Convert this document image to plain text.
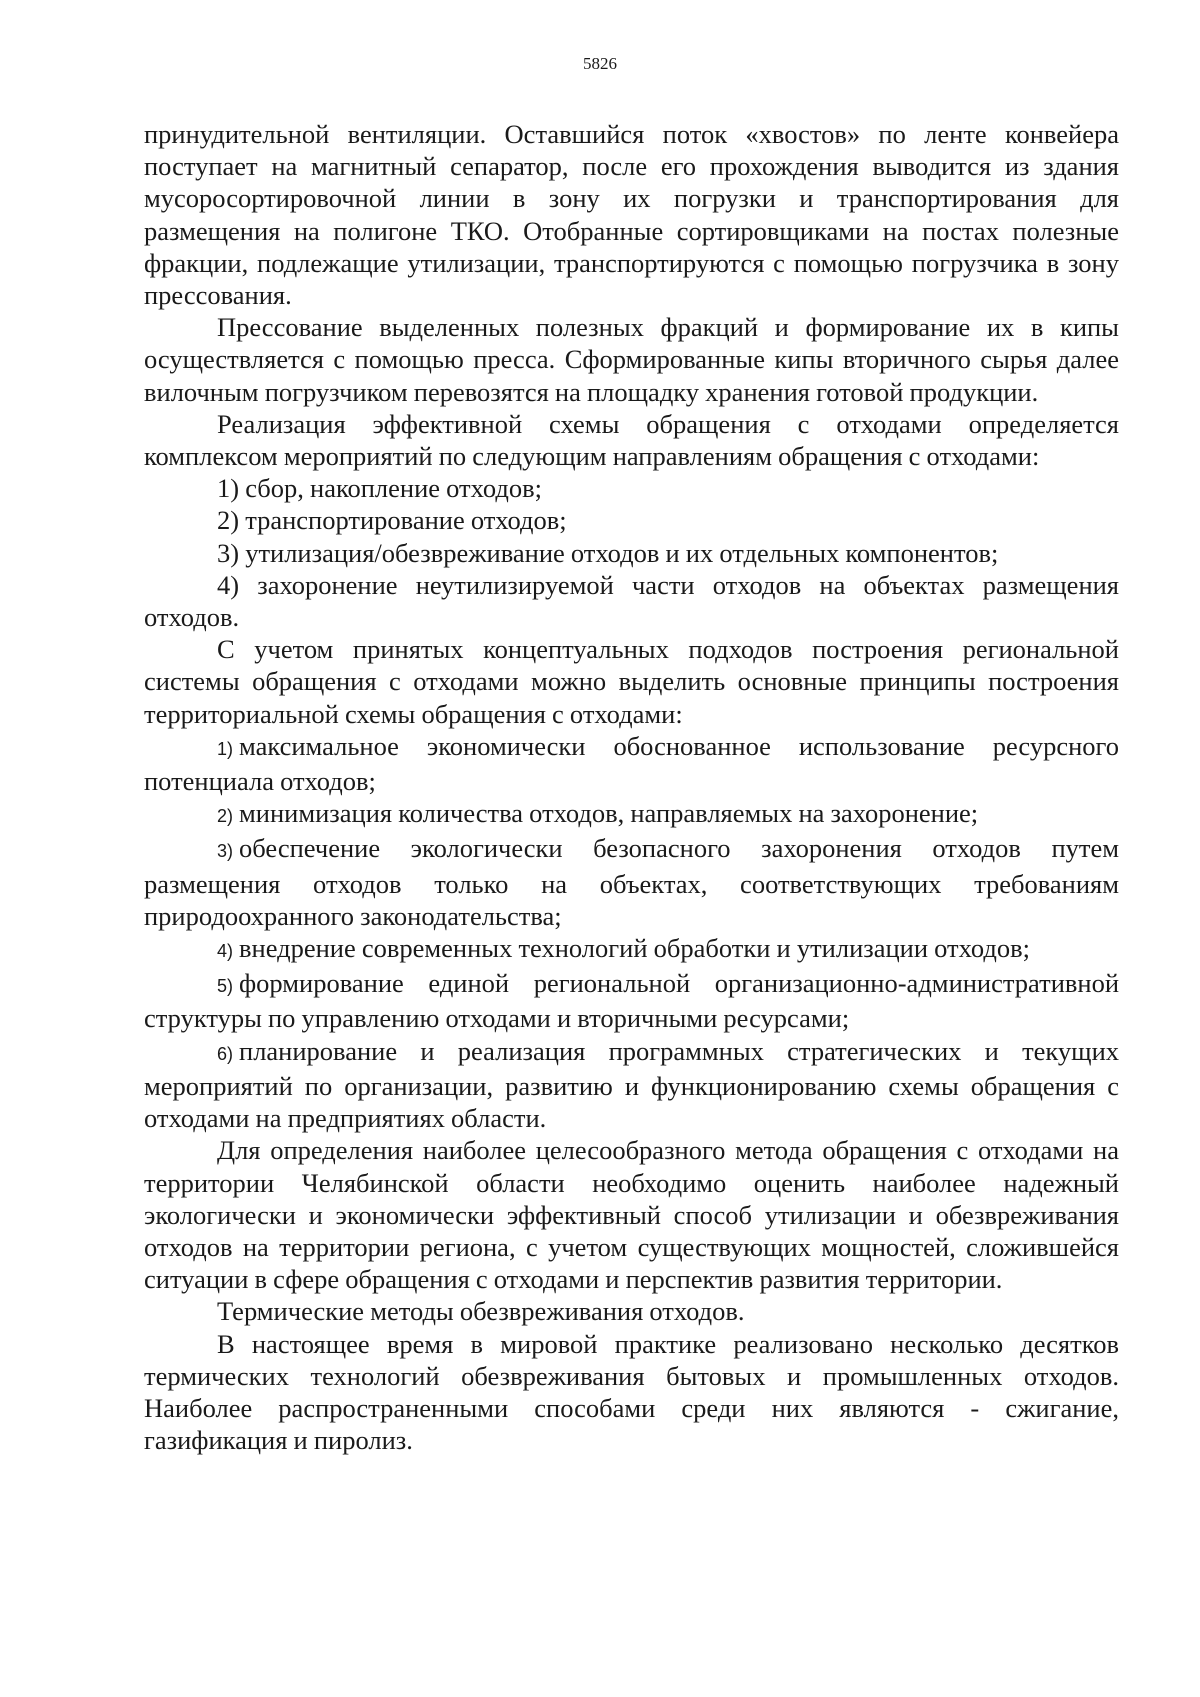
5826

принудительной вентиляции. Оставшийся поток «хвостов» по ленте конвейера поступает на магнитный сепаратор, после его прохождения выводится из здания мусоросортировочной линии в зону их погрузки и транспортирования для размещения на полигоне ТКО. Отобранные сортировщиками на постах полезные фракции, подлежащие утилизации, транспортируются с помощью погрузчика в зону прессования.

Прессование выделенных полезных фракций и формирование их в кипы осуществляется с помощью пресса. Сформированные кипы вторичного сырья далее вилочным погрузчиком перевозятся на площадку хранения готовой продукции.

Реализация эффективной схемы обращения с отходами определяется комплексом мероприятий по следующим направлениям обращения с отходами:

1) сбор, накопление отходов;

2) транспортирование отходов;

3) утилизация/обезвреживание отходов и их отдельных компонентов;

4) захоронение неутилизируемой части отходов на объектах размещения отходов.

С учетом принятых концептуальных подходов построения региональной системы обращения с отходами можно выделить основные принципы построения территориальной схемы обращения с отходами:

1) максимальное экономически обоснованное использование ресурсного потенциала отходов;

2) минимизация количества отходов, направляемых на захоронение;

3) обеспечение экологически безопасного захоронения отходов путем размещения отходов только на объектах, соответствующих требованиям природоохранного законодательства;

4) внедрение современных технологий обработки и утилизации отходов;

5) формирование единой региональной организационно-административной структуры по управлению отходами и вторичными ресурсами;

6) планирование и реализация программных стратегических и текущих мероприятий по организации, развитию и функционированию схемы обращения с отходами на предприятиях области.

Для определения наиболее целесообразного метода обращения с отходами на территории Челябинской области необходимо оценить наиболее надежный экологически и экономически эффективный способ утилизации и обезвреживания отходов на территории региона, с учетом существующих мощностей, сложившейся ситуации в сфере обращения с отходами и перспектив развития территории.

Термические методы обезвреживания отходов.

В настоящее время в мировой практике реализовано несколько десятков термических технологий обезвреживания бытовых и промышленных отходов. Наиболее распространенными способами среди них являются - сжигание, газификация и пиролиз.
